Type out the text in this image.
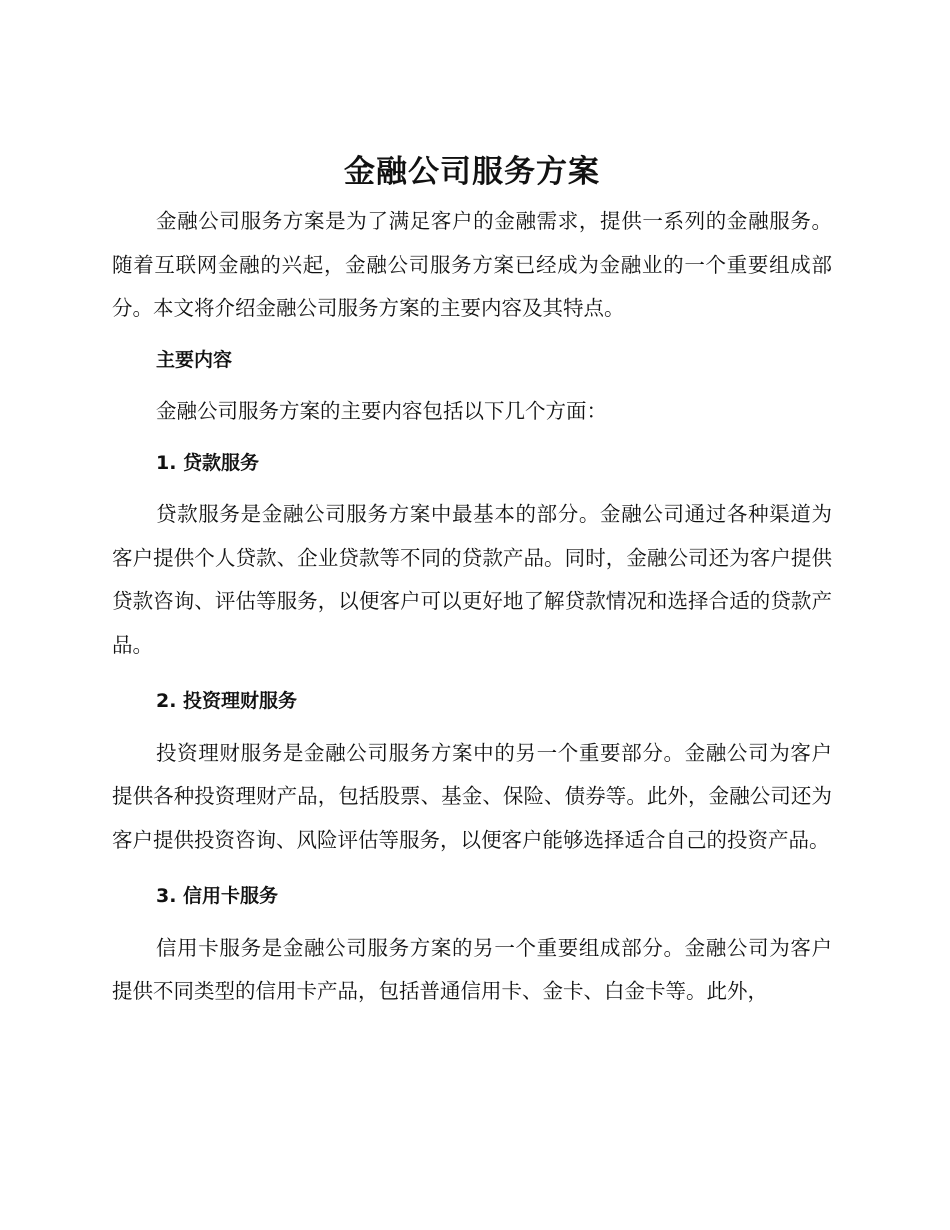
金融公司服务方案

金融公司服务方案是为了满足客户的金融需求，提供一系列的金融服务。随着互联网金融的兴起，金融公司服务方案已经成为金融业的一个重要组成部分。本文将介绍金融公司服务方案的主要内容及其特点。

主要内容

金融公司服务方案的主要内容包括以下几个方面：

1. 贷款服务

贷款服务是金融公司服务方案中最基本的部分。金融公司通过各种渠道为客户提供个人贷款、企业贷款等不同的贷款产品。同时，金融公司还为客户提供贷款咨询、评估等服务，以便客户可以更好地了解贷款情况和选择合适的贷款产品。

2. 投资理财服务

投资理财服务是金融公司服务方案中的另一个重要部分。金融公司为客户提供各种投资理财产品，包括股票、基金、保险、债券等。此外，金融公司还为客户提供投资咨询、风险评估等服务，以便客户能够选择适合自己的投资产品。

3. 信用卡服务

信用卡服务是金融公司服务方案的另一个重要组成部分。金融公司为客户提供不同类型的信用卡产品，包括普通信用卡、金卡、白金卡等。此外，
